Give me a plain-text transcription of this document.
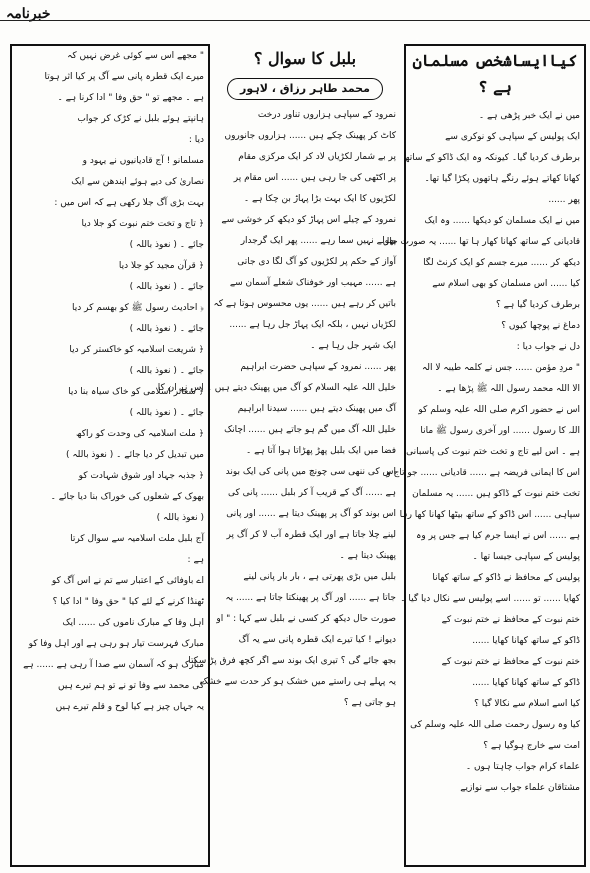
خبرنامہ
" مجھے اس سے کوئی غرض نہیں کہ
میرے ایک قطرہ پانی سے آگ پر کیا اثر ہوتا
ہے ۔ مجھے تو " حق وفا " ادا کرنا ہے ۔
ہانپتے ہوئے بلبل نے کڑک کر جواب
دیا :
مسلمانو ! آج قادیانیوں نے یہود و
نصاریٰ کی دیے ہوئے ایندھن سے ایک
بہت بڑی آگ جلا رکھی ہے کہ اس میں :
﴿ تاج و تخت ختم نبوت کو جلا دیا
جائے ۔ ( نعوذ باللہ )
﴿ قرآن مجید کو جلا دیا
جائے ۔ ( نعوذ باللہ )
﴿ احادیث رسول ﷺ کو بھسم کر دیا
جائے ۔ ( نعوذ باللہ )
﴿ شریعت اسلامیہ کو خاکستر کر دیا
جائے ۔ ( نعوذ باللہ )
﴿ شعائر اسلامی کو خاک سیاہ بنا دیا
جائے ۔ ( نعوذ باللہ )
﴿ ملت اسلامیہ کی وحدت کو راکھ
میں تبدیل کر دیا جائے ۔ ( نعوذ باللہ )
﴿ جذبہ جہاد اور شوق شہادت کو
بھوک کے شعلوں کی خوراک بنا دیا جائے ۔
( نعوذ باللہ )
آج بلبل ملت اسلامیہ سے سوال کرتا
ہے :
اے باوفائی کے اعتبار سے تم نے اس آگ کو
ٹھنڈا کرنے کے لئے کیا " حق وفا " ادا کیا ؟
اہل وفا کے مبارک ناموں کی ...... ایک
مبارک فہرست تیار ہو رہی ہے اور اہل وفا کو
مبارک ہو کہ آسمان سے صدا آ رہی ہے ...... ہے
کی محمد سے وفا تو نے تو ہم تیرے ہیں
یہ جہاں چیز ہے کیا لوح و قلم تیرے ہیں
بلبل کا سوال ؟
محمد طاہر رزاق ، لاہور
نمرود کے سپاہی ہزاروں تناور درخت
کاٹ کر پھینک چکے ہیں ...... ہزاروں جانوروں
پر بے شمار لکڑیاں لاد کر ایک مرکزی مقام
پر اکٹھی کی جا رہی ہیں ...... اس مقام پر
لکڑیوں کا ایک بہت بڑا پہاڑ بن چکا ہے ۔
نمرود کے چیلے اس پہاڑ کو دیکھ کر خوشی سے
پھولے نہیں سما رہے ...... پھر ایک گرجدار
آواز کے حکم پر لکڑیوں کو آگ لگا دی جاتی
ہے ...... مہیب اور خوفناک شعلے آسمان سے
باتیں کر رہے ہیں ...... یوں محسوس ہوتا ہے کہ
لکڑیاں نہیں ، بلکہ ایک پہاڑ جل رہا ہے ......
ایک شہر جل رہا ہے ۔
پھر ...... نمرود کے سپاہی حضرت ابراہیم
خلیل اللہ علیہ السلام کو آگ میں پھینک دیتے ہیں ۔ اس نے ان کا
آگ میں پھینک دیتے ہیں ...... سیدنا ابراہیم
خلیل اللہ آگ میں گم ہو جاتے ہیں ...... اچانک
فضا میں ایک بلبل پھڑ پھڑاتا ہوا آتا ہے ۔
اس کی ننھی سی چونچ میں پانی کی ایک بوند
ہے ...... آگ کے قریب آ کر بلبل ...... پانی کی
اس بوند کو آگ پر پھینک دیتا ہے ...... اور پانی
لینے چلا جاتا ہے اور ایک قطرہ آب لا کر آگ پر
پھینک دیتا ہے ۔
بلبل میں بڑی پھرتی ہے ، بار بار پانی لینے
جاتا ہے ...... اور آگ پر پھینکتا جاتا ہے ...... یہ
صورت حال دیکھ کر کسی نے بلبل سے کہا : " او
دیوانے ! کیا تیرے ایک قطرہ پانی سے یہ آگ
بجھ جائے گی ؟ تیری ایک بوند سے اگر کچھ فرق پڑ سکتا
یہ پہلے ہی راستے میں خشک ہو کر حدت سے خشک
ہو جاتی ہے ؟
کیاایساشخص مسلمان ہے ؟
میں نے ایک خبر پڑھی ہے ۔
ایک پولیس کے سپاہی کو نوکری سے
برطرف کردیا گیا۔ کیونکہ وہ ایک ڈاکو کے ساتھ
کھانا کھاتے ہوئے رنگے ہاتھوں پکڑا گیا تھا۔
پھر ......
میں نے ایک مسلمان کو دیکھا ...... وہ ایک
قادیانی کے ساتھ کھانا کھار ہا تھا ...... یہ صورت حال
دیکھ کر ...... میرے جسم کو ایک کرنٹ لگا
کیا ...... اس مسلمان کو بھی اسلام سے
برطرف کردیا گیا ہے ؟
دماغ نے پوچھا کیوں ؟
دل نے جواب دیا :
" مردِ مؤمن ...... جس نے کلمہ طیبہ لا الہ
الا اللہ محمد رسول اللہ ﷺ پڑھا ہے ۔
اس نے حضور اکرم صلی اللہ علیہ وسلم کو
اللہ کا رسول ...... اور آخری رسول ﷺ مانا
ہے ۔ اس لیے تاج و تخت ختم نبوت کی پاسبانی
اس کا ایمانی فریضہ ہے ...... قادیانی ...... جو تاج و
تخت ختم نبوت کے ڈاکو ہیں ...... یہ مسلمان
سپاہی ...... اس ڈاکو کے ساتھ بیٹھا کھانا کھا رہا
ہے ...... اس نے ایسا جرم کیا ہے جس پر وہ
پولیس کے سپاہی جیسا تھا ۔
پولیس کے محافظ نے ڈاکو کے ساتھ کھانا
کھایا ...... تو ...... اسے پولیس سے نکال دیا گیا ۔
ختم نبوت کے محافظ نے ختم نبوت کے
ڈاکو کے ساتھ کھانا کھایا ......
ختم نبوت کے محافظ نے ختم نبوت کے
ڈاکو کے ساتھ کھانا کھایا ......
کیا اسے اسلام سے نکالا گیا ؟
کیا وہ رسول رحمت صلی اللہ علیہ وسلم کی
امت سے خارج ہوگیا ہے ؟
علماء کرام جواب چاہتا ہوں ۔
مشتاقان علماء جواب سے نوازیے
